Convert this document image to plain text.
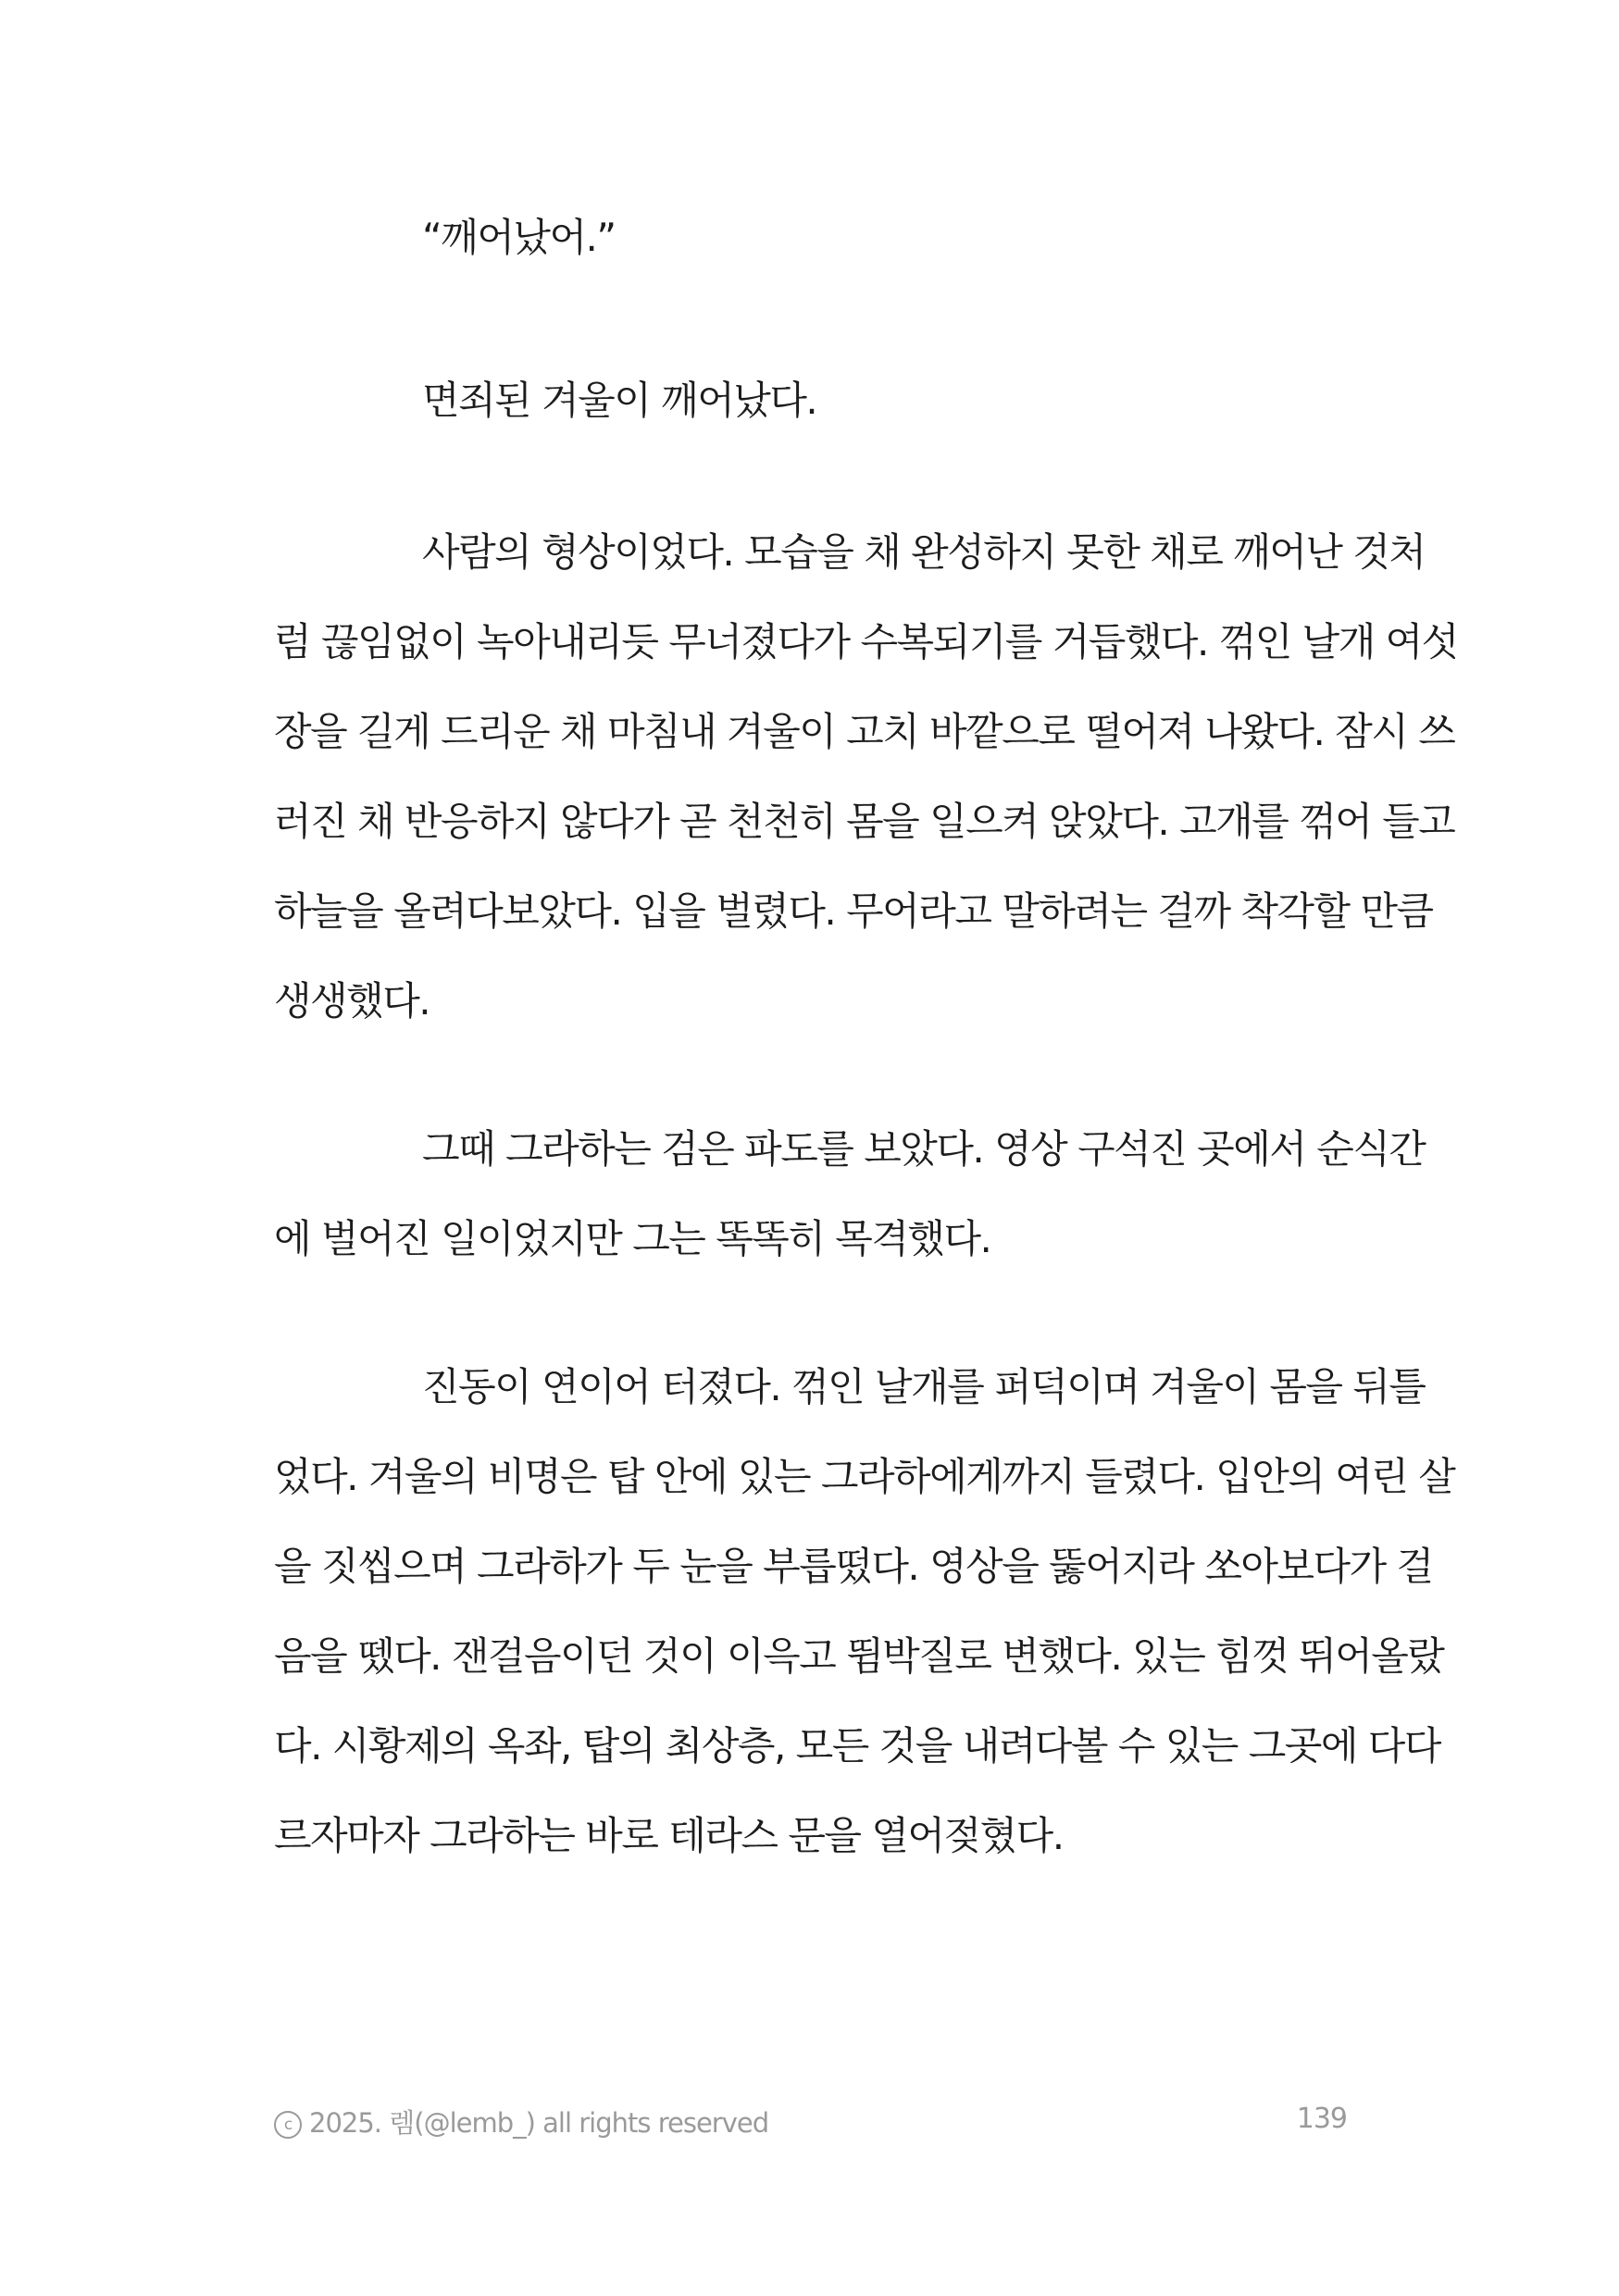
“깨어났어.”
면죄된 겨울이 깨어났다.
사람의 형상이었다. 모습을 채 완성하지 못한 채로 깨어난 것처
럼 끊임없이 녹아내리듯 무너졌다가 수복되기를 거듭했다. 꺾인 날개 여섯
장을 길게 드리운 채 마침내 겨울이 고치 바깥으로 떨어져 나왔다. 잠시 쓰
러진 채 반응하지 않다가 곧 천천히 몸을 일으켜 앉았다. 고개를 꺾어 들고
하늘을 올려다보았다. 입을 벌렸다. 무어라고 말하려는 걸까 착각할 만큼
생생했다.
그때 그라하는 검은 파도를 보았다. 영상 구석진 곳에서 순식간
에 벌어진 일이었지만 그는 똑똑히 목격했다.
진동이 연이어 터졌다. 꺾인 날개를 퍼덕이며 겨울이 몸을 뒤틀
었다. 겨울의 비명은 탑 안에 있는 그라하에게까지 들렸다. 입안의 여린 살
을 짓씹으며 그라하가 두 눈을 부릅떴다. 영상을 뚫어지라 쏘아보다가 걸
음을 뗐다. 잰걸음이던 것이 이윽고 뜀박질로 변했다. 있는 힘껏 뛰어올랐
다. 시황제의 옥좌, 탑의 최상층, 모든 것을 내려다볼 수 있는 그곳에 다다
르자마자 그라하는 바로 테라스 문을 열어젖혔다.
c 2025. 렘(@lemb_) all rights reserved	139
